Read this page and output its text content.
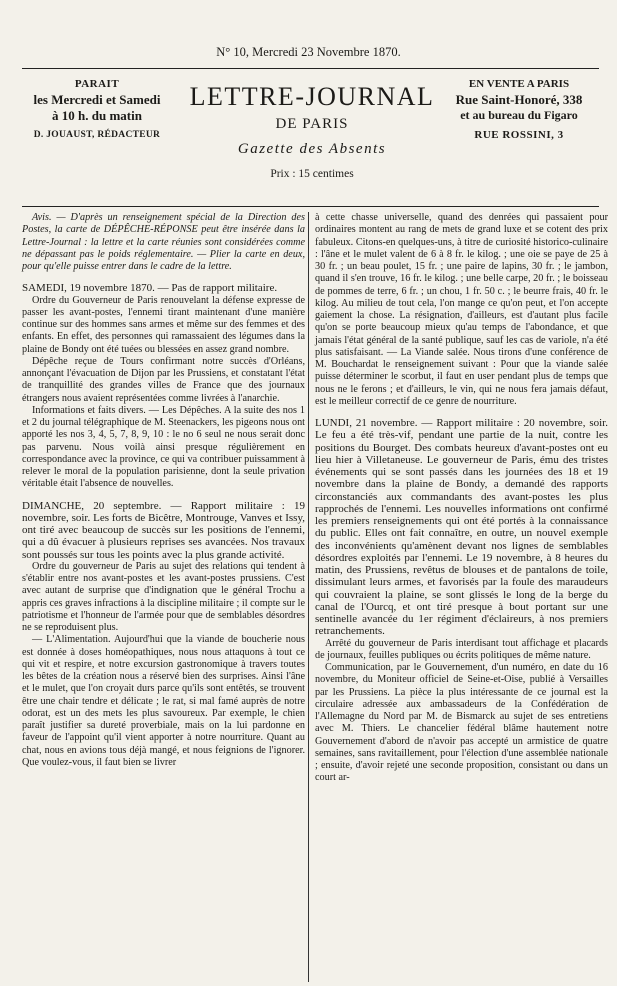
N° 10, Mercredi 23 Novembre 1870.
PARAIT
les Mercredi et Samedi
à 10 h. du matin
D. JOUAUST, RÉDACTEUR
LETTRE-JOURNAL
DE PARIS
Gazette des Absents
Prix : 15 centimes
EN VENTE A PARIS
Rue Saint-Honoré, 338
et au bureau du Figaro
RUE ROSSINI, 3

Avis. — D'après un renseignement spécial de la Direction des Postes, la carte de DÉPÊCHE-RÉPONSE peut être insérée dans la Lettre-Journal : la lettre et la carte réunies sont considérées comme ne dépassant pas le poids réglementaire. — Plier la carte en deux, pour qu'elle puisse entrer dans le cadre de la lettre.

SAMEDI, 19 novembre 1870. — Pas de rapport militaire.

Ordre du Gouverneur de Paris renouvelant la défense expresse de passer les avant-postes, l'ennemi tirant maintenant d'une manière continue sur des hommes sans armes et même sur des femmes et des enfants. En effet, des personnes qui ramassaient des légumes dans la plaine de Bondy ont été tuées ou blessées en assez grand nombre.

Dépêche reçue de Tours confirmant notre succès d'Orléans, annonçant l'évacuation de Dijon par les Prussiens, et constatant l'état de tranquillité des grandes villes de France que des journaux étrangers nous avaient représentées comme livrées à l'anarchie.

Informations et faits divers. — Les Dépêches. A la suite des nos 1 et 2 du journal télégraphique de M. Steenackers, les pigeons nous ont apporté les nos 3, 4, 5, 7, 8, 9, 10 : le no 6 seul ne nous serait donc pas parvenu. Nous voilà ainsi presque régulièrement en correspondance avec la province, ce qui va contribuer puissamment à relever le moral de la population parisienne, dont la seule privation véritable était l'absence de nouvelles.

DIMANCHE, 20 septembre. — Rapport militaire : 19 novembre, soir. Les forts de Bicêtre, Montrouge, Vanves et Issy, ont tiré avec beaucoup de succès sur les positions de l'ennemi, qui a dû évacuer à plusieurs reprises ses avancées. Nos travaux sont poussés sur tous les points avec la plus grande activité.

Ordre du gouverneur de Paris au sujet des relations qui tendent à s'établir entre nos avant-postes et les avant-postes prussiens. C'est avec autant de surprise que d'indignation que le général Trochu a appris ces graves infractions à la discipline militaire ; il compte sur le patriotisme et l'honneur de l'armée pour que de semblables désordres ne se reproduisent plus.

— L'Alimentation. Aujourd'hui que la viande de boucherie nous est donnée à doses homéopathiques, nous nous attaquons à tout ce qui vit et respire, et notre excursion gastronomique à travers toutes les bêtes de la création nous a réservé bien des surprises. Ainsi l'âne et le mulet, que l'on croyait durs parce qu'ils sont entêtés, se trouvent être une chair tendre et délicate ; le rat, si mal famé auprès de notre odorat, est un des mets les plus savoureux. Par exemple, le chien paraît justifier sa dureté proverbiale, mais on la lui pardonne en faveur de l'appoint qu'il vient apporter à notre nourriture. Quant au chat, nous en avions tous déjà mangé, et nous feignions de l'ignorer. Que voulez-vous, il faut bien se livrer

à cette chasse universelle, quand des denrées qui passaient pour ordinaires montent au rang de mets de grand luxe et se cotent des prix fabuleux. Citons-en quelques-uns, à titre de curiosité historico-culinaire : l'âne et le mulet valent de 6 à 8 fr. le kilog. ; une oie se paye de 25 à 30 fr. ; un beau poulet, 15 fr. ; une paire de lapins, 30 fr. ; le jambon, quand il s'en trouve, 16 fr. le kilog. ; une belle carpe, 20 fr. ; le boisseau de pommes de terre, 6 fr. ; un chou, 1 fr. 50 c. ; le beurre frais, 40 fr. le kilog. Au milieu de tout cela, l'on mange ce qu'on peut, et l'on accepte gaiement la chose. La résignation, d'ailleurs, est d'autant plus facile qu'on se porte beaucoup mieux qu'au temps de l'abondance, et que jamais l'état général de la santé publique, sauf les cas de variole, n'a été plus satisfaisant. — La Viande salée. Nous tirons d'une conférence de M. Bouchardat le renseignement suivant : Pour que la viande salée puisse déterminer le scorbut, il faut en user pendant plus de temps que nous ne le ferons ; et d'ailleurs, le vin, qui ne nous fera jamais défaut, est le meilleur correctif de ce genre de nourriture.

LUNDI, 21 novembre. — Rapport militaire : 20 novembre, soir. Le feu a été très-vif, pendant une partie de la nuit, contre les positions du Bourget. Des combats heureux d'avant-postes ont eu lieu hier à Villetaneuse. Le gouverneur de Paris, ému des tristes événements qui se sont passés dans les journées des 18 et 19 novembre dans la plaine de Bondy, a demandé des rapports circonstanciés aux commandants des avant-postes les plus rapprochés de l'ennemi. Les nouvelles informations ont confirmé les premiers renseignements qui ont été portés à la connaissance du public. Elles ont fait connaître, en outre, un nouvel exemple des inconvénients qu'amènent devant nos lignes de semblables désordres exploités par l'ennemi. Le 19 novembre, à 8 heures du matin, des Prussiens, revêtus de blouses et de pantalons de toile, dissimulant leurs armes, et favorisés par la foule des maraudeurs qui couvraient la plaine, se sont glissés le long de la berge du canal de l'Ourcq, et ont tiré presque à bout portant sur une sentinelle avancée du 1er régiment d'éclaireurs, à nos premiers retranchements.

Arrêté du gouverneur de Paris interdisant tout affichage et placards de journaux, feuilles publiques ou écrits politiques de même nature.

Communication, par le Gouvernement, d'un numéro, en date du 16 novembre, du Moniteur officiel de Seine-et-Oise, publié à Versailles par les Prussiens. La pièce la plus intéressante de ce journal est la circulaire adressée aux ambassadeurs de la Confédération de l'Allemagne du Nord par M. de Bismarck au sujet de ses entretiens avec M. Thiers. Le chancelier fédéral blâme hautement notre Gouvernement d'abord de n'avoir pas accepté un armistice de quatre semaines, sans ravitaillement, pour l'élection d'une assemblée nationale ; ensuite, d'avoir rejeté une seconde proposition, consistant ou dans un court ar-
